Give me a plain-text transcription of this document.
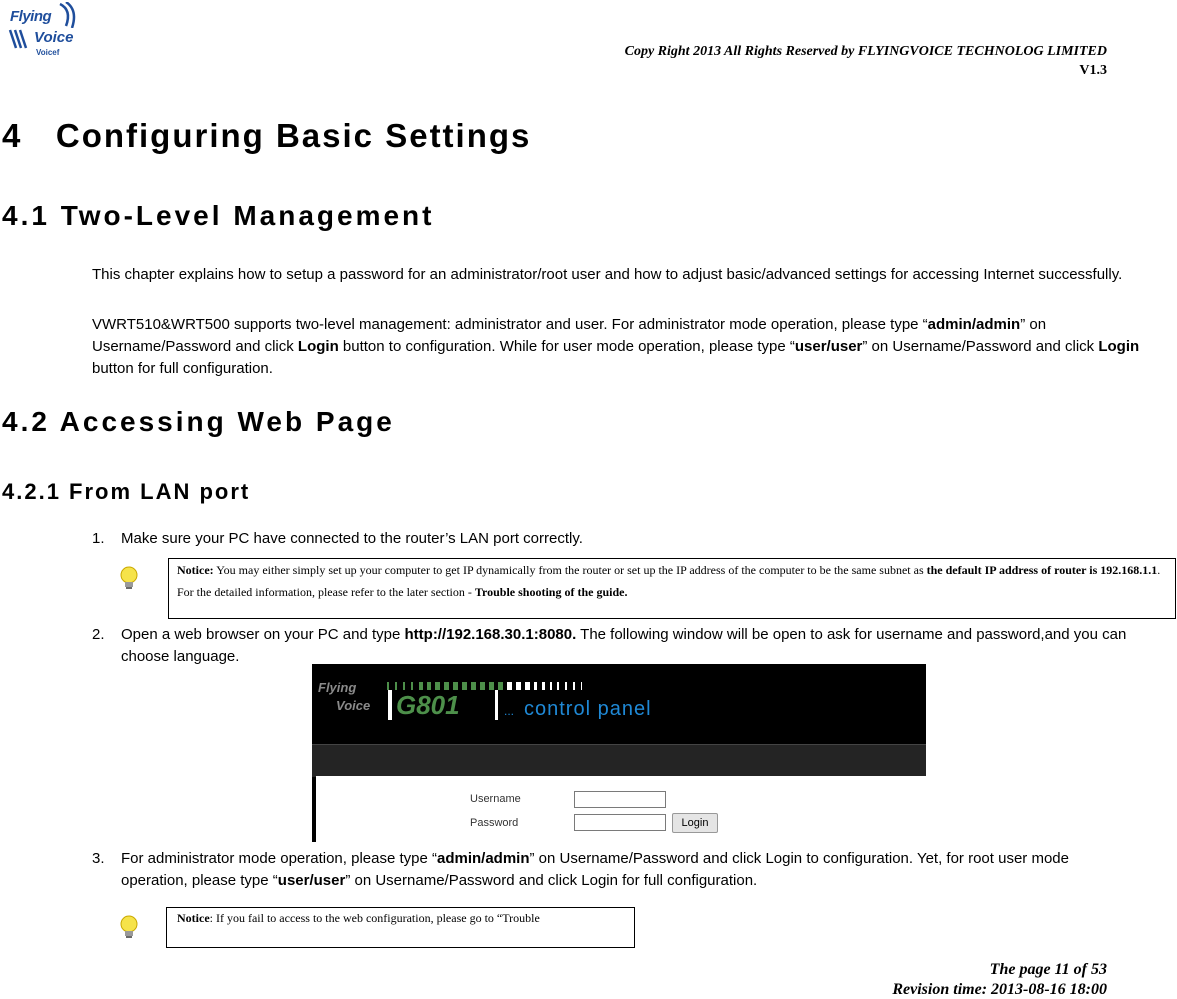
Flying
Voice
Voicef	Copy Right 2013 All Rights Reserved by FLYINGVOICE TECHNOLOG LIMITED
V1.3
4   Configuring Basic Settings
4.1 Two-Level Management
This chapter explains how to setup a password for an administrator/root user and how to adjust basic/advanced settings for accessing Internet successfully.
VWRT510&WRT500 supports two-level management: administrator and user. For administrator mode operation, please type “admin/admin” on Username/Password and click Login button to configuration. While for user mode operation, please type “user/user” on Username/Password and click Login button for full configuration.
4.2 Accessing Web Page
4.2.1 From LAN port
1. Make sure your PC have connected to the router’s LAN port correctly.
Notice: You may either simply set up your computer to get IP dynamically from the router or set up the IP address of the computer to be the same subnet as the default IP address of router is 192.168.1.1. For the detailed information, please refer to the later section - Trouble shooting of the guide.
2. Open a web browser on your PC and type http://192.168.30.1:8080. The following window will be open to ask for username and password,and you can choose language.
Flying
Voice G801	... control panel
Username
Password	Login
3. For administrator mode operation, please type “admin/admin” on Username/Password and click Login to configuration. Yet, for root user mode operation, please type “user/user” on Username/Password and click Login for full configuration.
Notice: If you fail to access to the web configuration, please go to “Trouble
The page 11 of 53
Revision time: 2013-08-16 18:00
